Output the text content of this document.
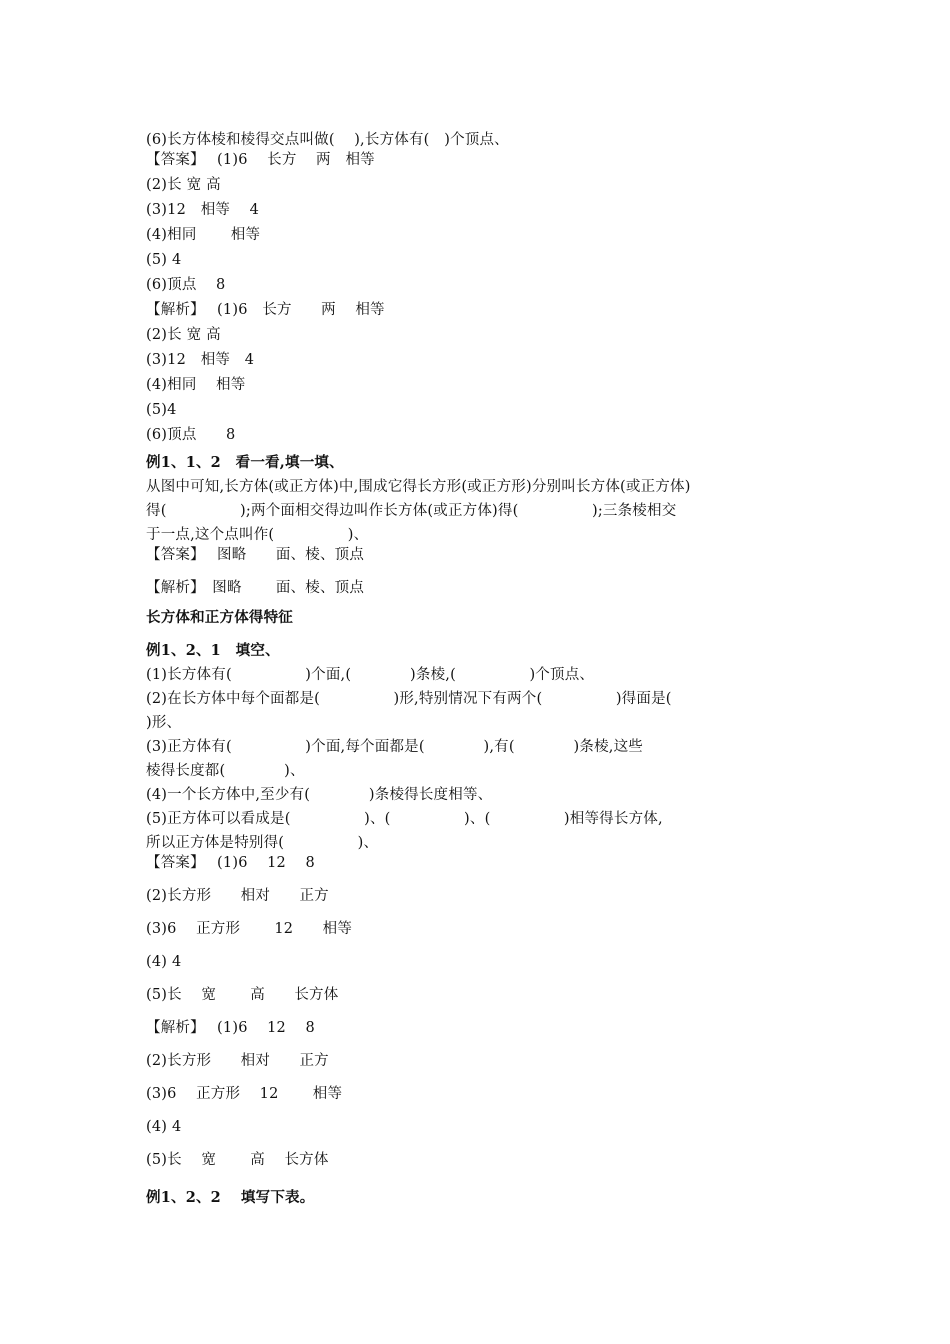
(6)长方体棱和棱得交点叫做(　 ),长方体有(　)个顶点、
【答案】　 (1)6　 长方　 两　相等
(2)长 宽 高
(3)12　相等　 4
(4)相同　　 相等
(5) 4
(6)顶点　 8
【解析】　 (1)6　长方　　两　 相等
(2)长 宽 高
(3)12　相等　4
(4)相同　 相等
(5)4
(6)顶点　　8
例1、1、2　看一看,填一填、
从图中可知,长方体(或正方体)中,围成它得长方形(或正方形)分别叫长方体(或正方体)
得(　　　　　);两个面相交得边叫作长方体(或正方体)得(　　　　　);三条棱相交
于一点,这个点叫作(　　　　　)、
【答案】　 图略　　面、棱、顶点
【解析】　图略　　 面、棱、顶点
长方体和正方体得特征
例1、2、1　填空、
(1)长方体有(　　　　　)个面,(　　　　)条棱,(　　　　　)个顶点、
(2)在长方体中每个面都是(　　　　　)形,特别情况下有两个(　　　　　)得面是(
)形、
(3)正方体有(　　　　　)个面,每个面都是(　　　　),有(　　　　)条棱,这些
棱得长度都(　　　　)、
(4)一个长方体中,至少有(　　　　)条棱得长度相等、
(5)正方体可以看成是(　　　　　)、(　　　　　)、(　　　　　)相等得长方体,
所以正方体是特别得(　　　　　)、
【答案】　 (1)6　 12　 8
(2)长方形　　相对　　正方
(3)6　 正方形　　 12　　相等
(4) 4
(5)长　 宽　　 高　　长方体
【解析】　 (1)6　 12　 8
(2)长方形　　相对　　正方
(3)6　 正方形　 12　　 相等
(4) 4
(5)长　 宽　　 高　 长方体
例1、2、2　 填写下表。
